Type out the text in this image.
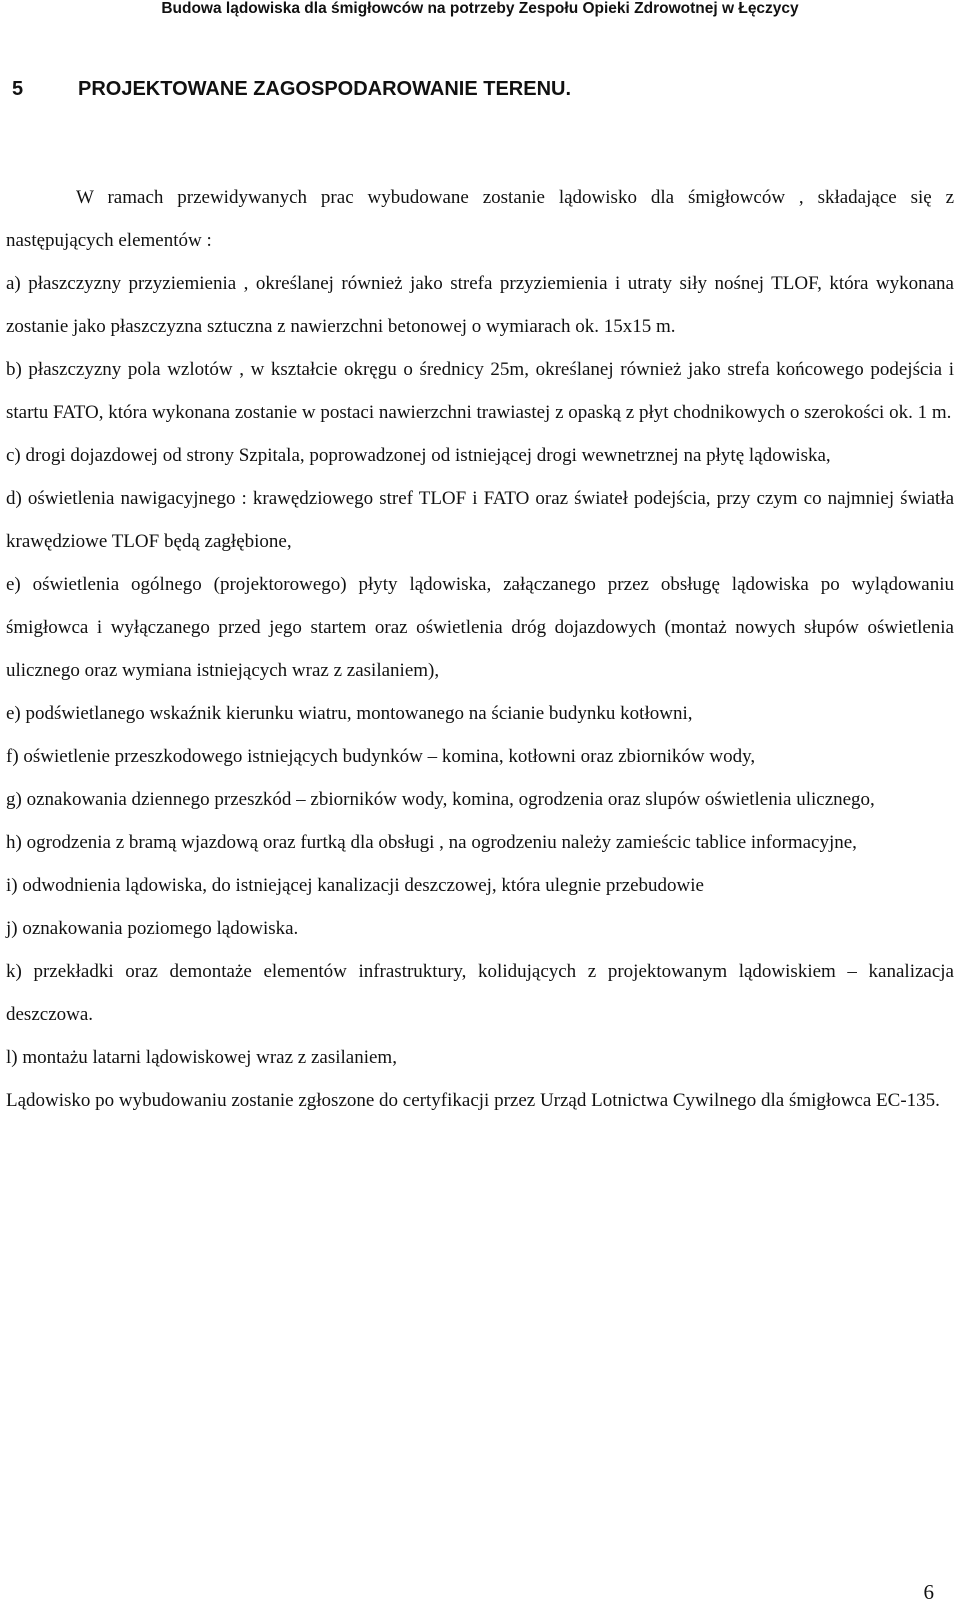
Budowa lądowiska dla śmigłowców na potrzeby Zespołu Opieki Zdrowotnej w Łęczycy
5	PROJEKTOWANE ZAGOSPODAROWANIE TERENU.

W ramach przewidywanych prac wybudowane zostanie lądowisko dla śmigłowców , składające się z następujących elementów :

a) płaszczyzny przyziemienia , określanej również jako strefa przyziemienia i utraty siły nośnej TLOF, która wykonana zostanie jako płaszczyzna sztuczna z nawierzchni betonowej o wymiarach ok. 15x15 m.

b) płaszczyzny pola wzlotów , w kształcie okręgu o średnicy 25m, określanej również jako strefa końcowego podejścia i startu FATO, która wykonana zostanie w postaci nawierzchni trawiastej z opaską z płyt chodnikowych o szerokości ok. 1 m.

c) drogi dojazdowej od strony Szpitala, poprowadzonej od istniejącej drogi wewnetrznej na płytę lądowiska,

d) oświetlenia nawigacyjnego : krawędziowego stref TLOF i FATO oraz świateł podejścia, przy czym co najmniej światła krawędziowe TLOF będą zagłębione,

e) oświetlenia ogólnego (projektorowego) płyty lądowiska, załączanego przez obsługę lądowiska po wylądowaniu śmigłowca i wyłączanego przed jego startem oraz oświetlenia dróg dojazdowych (montaż nowych słupów oświetlenia ulicznego oraz wymiana istniejących wraz z zasilaniem),

e) podświetlanego wskaźnik kierunku wiatru, montowanego na ścianie budynku kotłowni,

f) oświetlenie przeszkodowego istniejących budynków – komina, kotłowni oraz zbiorników wody,

g) oznakowania dziennego przeszkód – zbiorników wody, komina, ogrodzenia oraz slupów oświetlenia ulicznego,

h) ogrodzenia z bramą wjazdową oraz furtką dla obsługi , na ogrodzeniu należy zamieścic tablice informacyjne,

i) odwodnienia lądowiska, do istniejącej kanalizacji deszczowej, która ulegnie przebudowie

j) oznakowania poziomego lądowiska.

k) przekładki oraz demontaże elementów infrastruktury, kolidujących z projektowanym lądowiskiem – kanalizacja deszczowa.

l) montażu latarni lądowiskowej wraz z zasilaniem,

Lądowisko po wybudowaniu zostanie zgłoszone do certyfikacji przez Urząd Lotnictwa Cywilnego dla śmigłowca EC-135.

6
